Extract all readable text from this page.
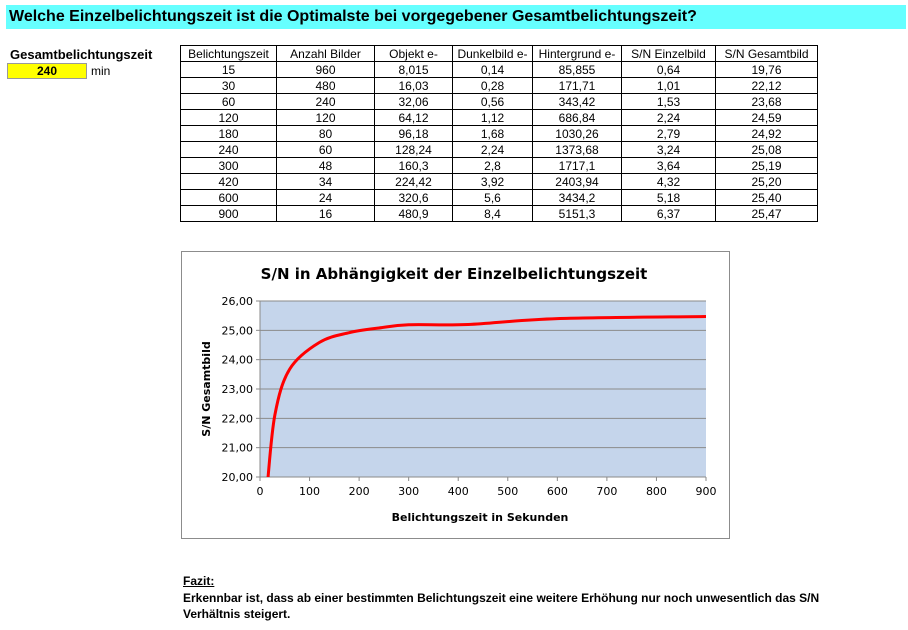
Welche Einzelbelichtungszeit ist die Optimalste bei vorgegebener Gesamtbelichtungszeit?
Gesamtbelichtungszeit
240	min
Belichtungszeit	Anzahl Bilder	Objekt e-	Dunkelbild e-	Hintergrund e-	S/N Einzelbild	S/N Gesamtbild
15	960	8,015	0,14	85,855	0,64	19,76
30	480	16,03	0,28	171,71	1,01	22,12
60	240	32,06	0,56	343,42	1,53	23,68
120	120	64,12	1,12	686,84	2,24	24,59
180	80	96,18	1,68	1030,26	2,79	24,92
240	60	128,24	2,24	1373,68	3,24	25,08
300	48	160,3	2,8	1717,1	3,64	25,19
420	34	224,42	3,92	2403,94	4,32	25,20
600	24	320,6	5,6	3434,2	5,18	25,40
900	16	480,9	8,4	5151,3	6,37	25,47
S/N in Abhängigkeit der Einzelbelichtungszeit
20,00
21,00
22,00
23,00
24,00
25,00
26,00
0	100	200	300	400	500	600	700	800	900
Belichtungszeit in Sekunden
S/N Gesamtbild
Fazit:
Erkennbar ist, dass ab einer bestimmten Belichtungszeit eine weitere Erhöhung nur noch unwesentlich das S/N Verhältnis steigert.
